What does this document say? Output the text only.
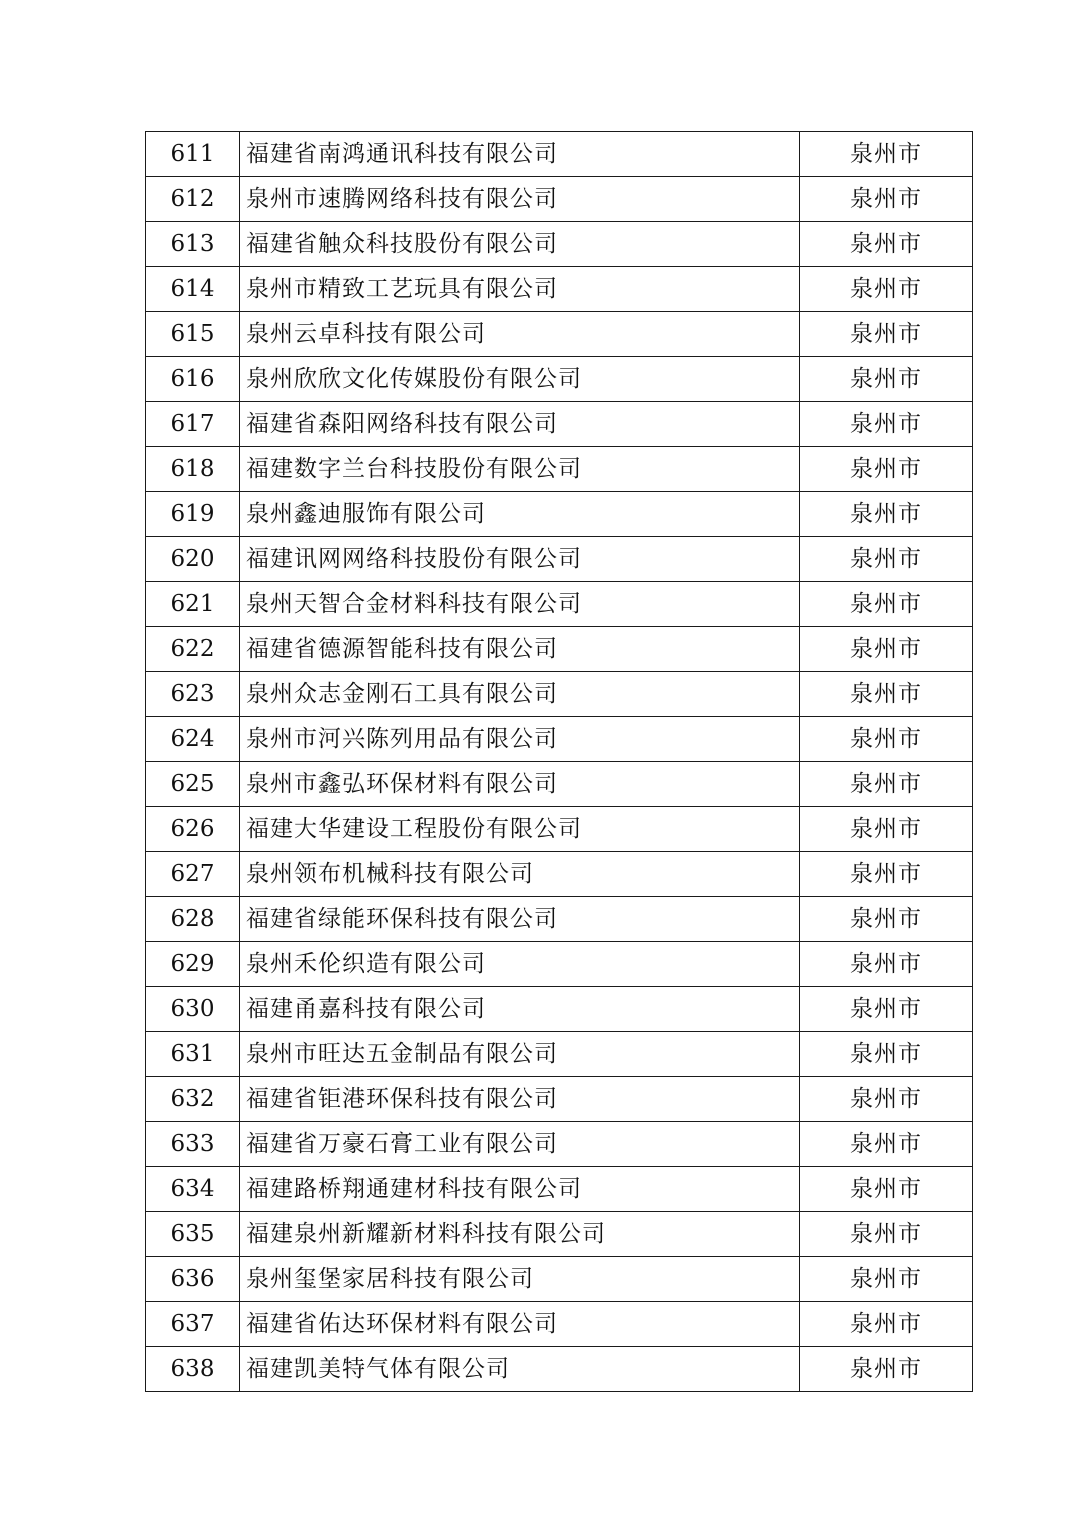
611	福建省南鸿通讯科技有限公司	泉州市
612	泉州市速腾网络科技有限公司	泉州市
613	福建省触众科技股份有限公司	泉州市
614	泉州市精致工艺玩具有限公司	泉州市
615	泉州云卓科技有限公司	泉州市
616	泉州欣欣文化传媒股份有限公司	泉州市
617	福建省森阳网络科技有限公司	泉州市
618	福建数字兰台科技股份有限公司	泉州市
619	泉州鑫迪服饰有限公司	泉州市
620	福建讯网网络科技股份有限公司	泉州市
621	泉州天智合金材料科技有限公司	泉州市
622	福建省德源智能科技有限公司	泉州市
623	泉州众志金刚石工具有限公司	泉州市
624	泉州市河兴陈列用品有限公司	泉州市
625	泉州市鑫弘环保材料有限公司	泉州市
626	福建大华建设工程股份有限公司	泉州市
627	泉州领布机械科技有限公司	泉州市
628	福建省绿能环保科技有限公司	泉州市
629	泉州禾伦织造有限公司	泉州市
630	福建甬嘉科技有限公司	泉州市
631	泉州市旺达五金制品有限公司	泉州市
632	福建省钜港环保科技有限公司	泉州市
633	福建省万豪石膏工业有限公司	泉州市
634	福建路桥翔通建材科技有限公司	泉州市
635	福建泉州新耀新材料科技有限公司	泉州市
636	泉州玺堡家居科技有限公司	泉州市
637	福建省佑达环保材料有限公司	泉州市
638	福建凯美特气体有限公司	泉州市
